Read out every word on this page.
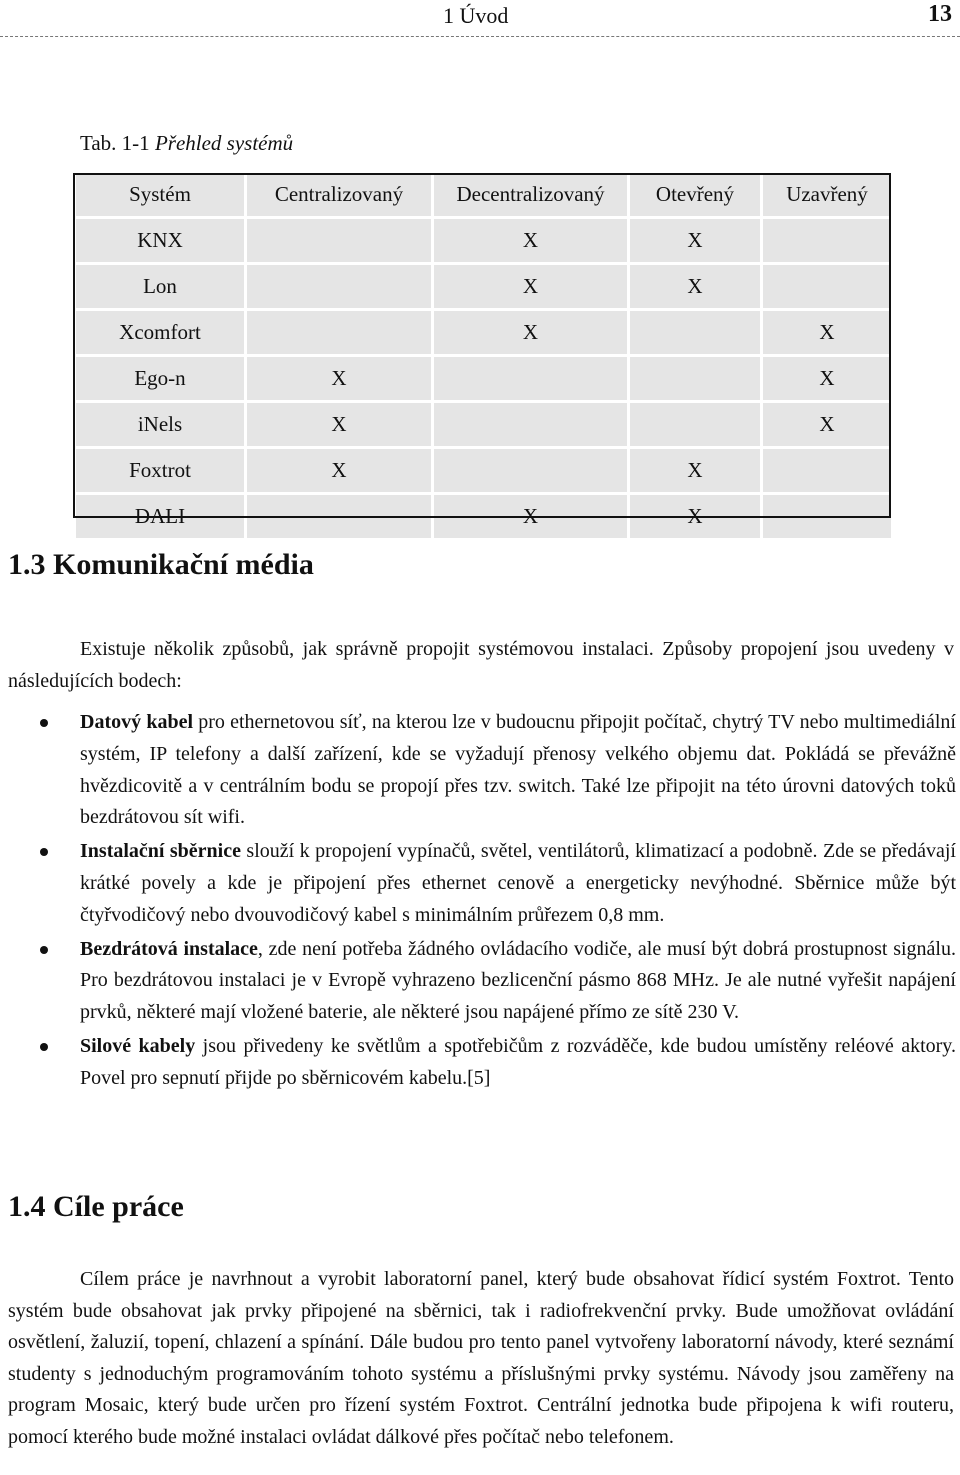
1 Úvod	13
Tab. 1-1 Přehled systémů
Systém	Centralizovaný	Decentralizovaný	Otevřený	Uzavřený
KNX		X	X	
Lon		X	X	
Xcomfort		X		X
Ego-n	X			X
iNels	X			X
Foxtrot	X		X	
DALI		X	X	
1.3 Komunikační média

Existuje několik způsobů, jak správně propojit systémovou instalaci. Způsoby propojení jsou uvedeny v následujících bodech:

Datový kabel pro ethernetovou síť, na kterou lze v budoucnu připojit počítač, chytrý TV nebo multimediální systém, IP telefony a další zařízení, kde se vyžadují přenosy velkého objemu dat. Pokládá se převážně hvězdicovitě a v centrálním bodu se propojí přes tzv. switch. Také lze připojit na této úrovni datových toků bezdrátovou sít wifi.
Instalační sběrnice slouží k propojení vypínačů, světel, ventilátorů, klimatizací a podobně. Zde se předávají krátké povely a kde je připojení přes ethernet cenově a energeticky nevýhodné. Sběrnice může být čtyřvodičový nebo dvouvodičový kabel s minimálním průřezem 0,8 mm.
Bezdrátová instalace, zde není potřeba žádného ovládacího vodiče, ale musí být dobrá prostupnost signálu. Pro bezdrátovou instalaci je v Evropě vyhrazeno bezlicenční pásmo 868 MHz. Je ale nutné vyřešit napájení prvků, některé mají vložené baterie, ale některé jsou napájené přímo ze sítě 230 V.
Silové kabely jsou přivedeny ke světlům a spotřebičům z rozváděče, kde budou umístěny reléové aktory. Povel pro sepnutí přijde po sběrnicovém kabelu.[5]
1.4 Cíle práce

Cílem práce je navrhnout a vyrobit laboratorní panel, který bude obsahovat řídicí systém Foxtrot. Tento systém bude obsahovat jak prvky připojené na sběrnici, tak i radiofrekvenční prvky. Bude umožňovat ovládání osvětlení, žaluzií, topení, chlazení a spínání. Dále budou pro tento panel vytvořeny laboratorní návody, které seznámí studenty s jednoduchým programováním tohoto systému a příslušnými prvky systému. Návody jsou zaměřeny na program Mosaic, který bude určen pro řízení systém Foxtrot. Centrální jednotka bude připojena k wifi routeru, pomocí kterého bude možné instalaci ovládat dálkové přes počítač nebo telefonem.
